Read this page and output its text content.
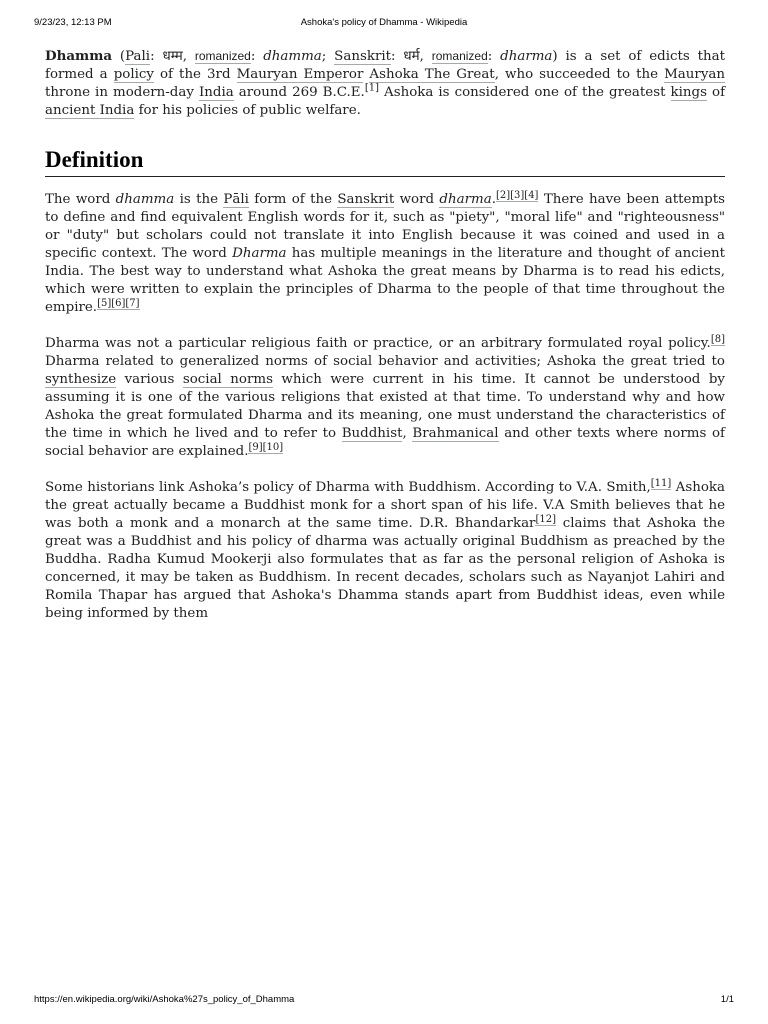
9/23/23, 12:13 PM	Ashoka's policy of Dhamma - Wikipedia

Dhamma (Pali: धम्म, romanized: dhamma; Sanskrit: धर्म, romanized: dharma) is a set of edicts that formed a policy of the 3rd Mauryan Emperor Ashoka The Great, who succeeded to the Mauryan throne in modern-day India around 269 B.C.E.[1] Ashoka is considered one of the greatest kings of ancient India for his policies of public welfare.

Definition

The word dhamma is the Pāli form of the Sanskrit word dharma.[2][3][4] There have been attempts to define and find equivalent English words for it, such as "piety", "moral life" and "righteousness" or "duty" but scholars could not translate it into English because it was coined and used in a specific context. The word Dharma has multiple meanings in the literature and thought of ancient India. The best way to understand what Ashoka the great means by Dharma is to read his edicts, which were written to explain the principles of Dharma to the people of that time throughout the empire.[5][6][7]

Dharma was not a particular religious faith or practice, or an arbitrary formulated royal policy.[8] Dharma related to generalized norms of social behavior and activities; Ashoka the great tried to synthesize various social norms which were current in his time. It cannot be understood by assuming it is one of the various religions that existed at that time. To understand why and how Ashoka the great formulated Dharma and its meaning, one must understand the characteristics of the time in which he lived and to refer to Buddhist, Brahmanical and other texts where norms of social behavior are explained.[9][10]

Some historians link Ashoka’s policy of Dharma with Buddhism. According to V.A. Smith,[11] Ashoka the great actually became a Buddhist monk for a short span of his life. V.A Smith believes that he was both a monk and a monarch at the same time. D.R. Bhandarkar[12] claims that Ashoka the great was a Buddhist and his policy of dharma was actually original Buddhism as preached by the Buddha. Radha Kumud Mookerji also formulates that as far as the personal religion of Ashoka is concerned, it may be taken as Buddhism. In recent decades, scholars such as Nayanjot Lahiri and Romila Thapar has argued that Ashoka's Dhamma stands apart from Buddhist ideas, even while being informed by them

https://en.wikipedia.org/wiki/Ashoka%27s_policy_of_Dhamma	1/1
